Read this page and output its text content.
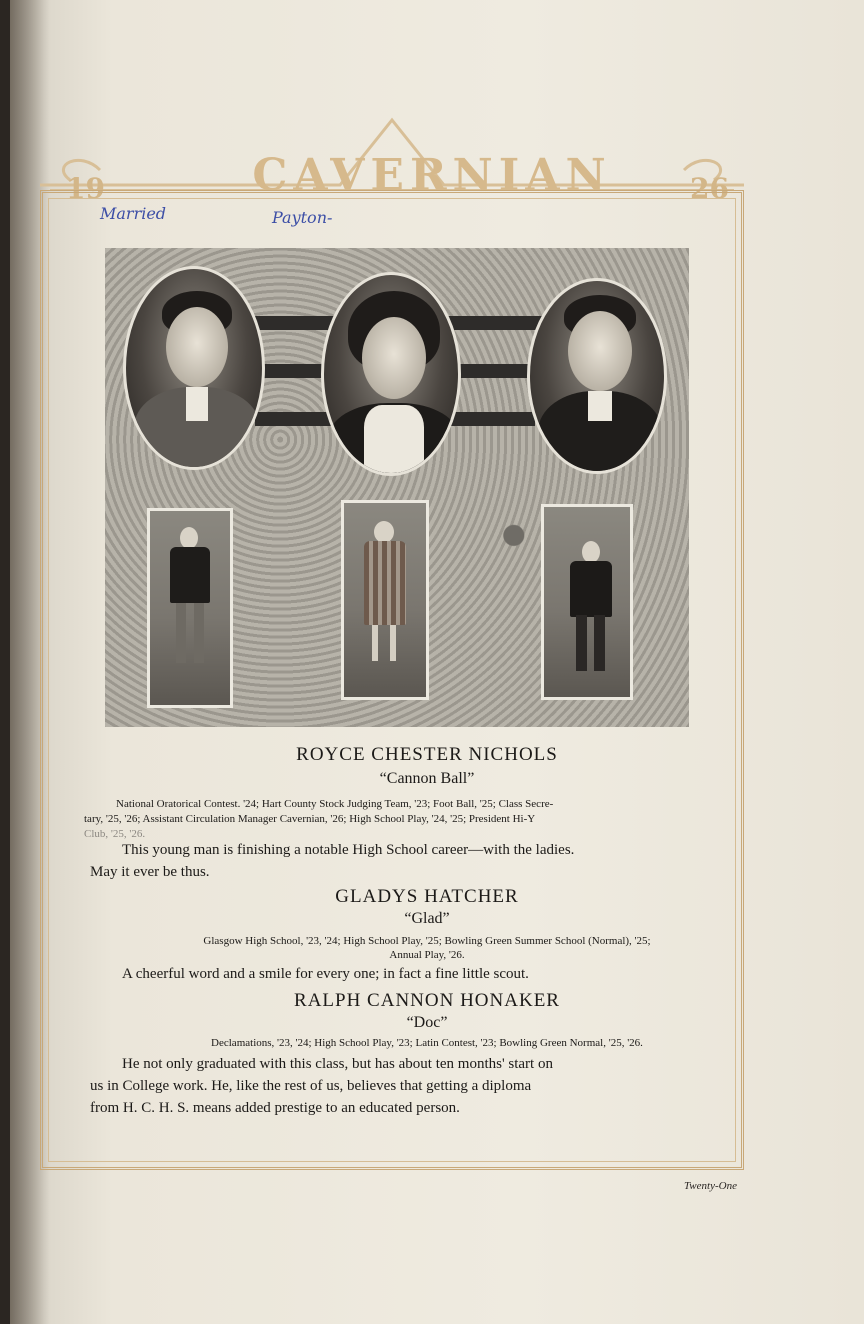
19	CAVERNIAN	26
Married	Payton-
ROYCE CHESTER NICHOLS
“Cannon Ball”
National Oratorical Contest. '24; Hart County Stock Judging Team, '23; Foot Ball, '25; Class Secre-
tary, '25, '26; Assistant Circulation Manager Cavernian, '26; High School Play, '24, '25; President Hi-Y
Club, '25, '26.
This young man is finishing a notable High School career—with the ladies.
May it ever be thus.
GLADYS HATCHER
“Glad”
Glasgow High School, '23, '24; High School Play, '25; Bowling Green Summer School (Normal), '25;
Annual Play, '26.
A cheerful word and a smile for every one; in fact a fine little scout.
RALPH CANNON HONAKER
“Doc”
Declamations, '23, '24; High School Play, '23; Latin Contest, '23; Bowling Green Normal, '25, '26.
He not only graduated with this class, but has about ten months' start on
us in College work. He, like the rest of us, believes that getting a diploma
from H. C. H. S. means added prestige to an educated person.
Twenty-One
